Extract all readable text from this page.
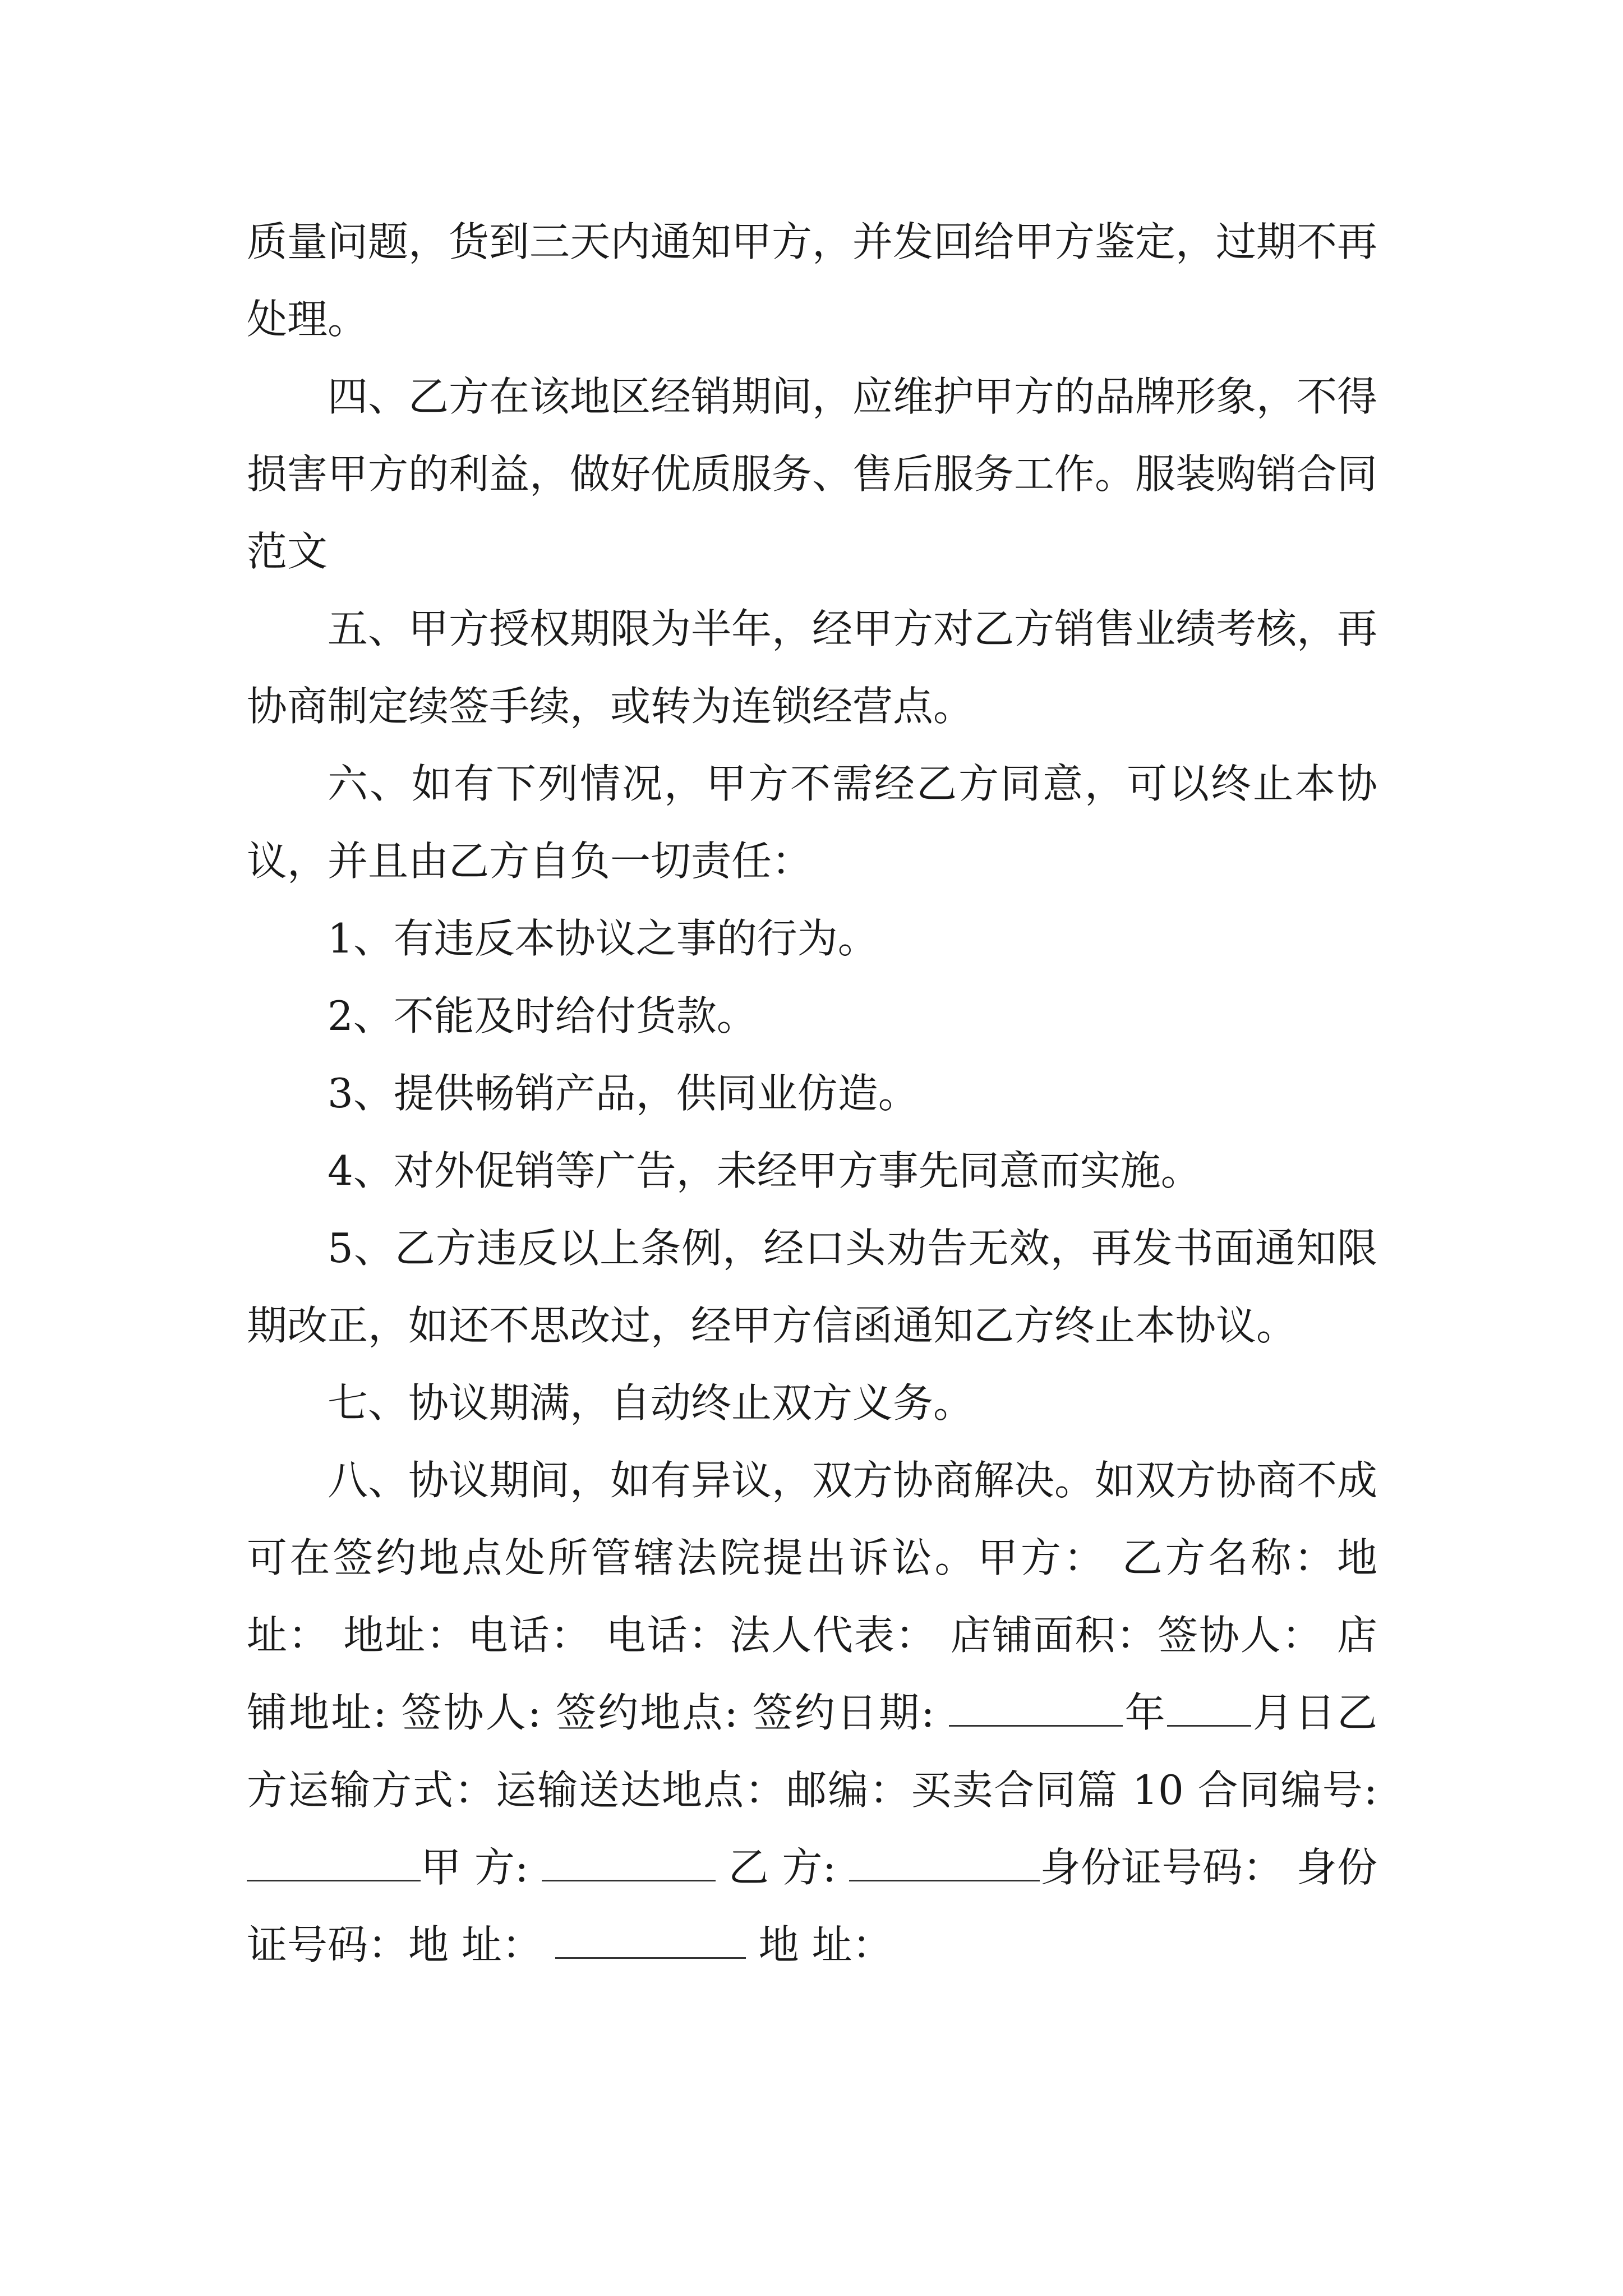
质量问题，货到三天内通知甲方，并发回给甲方鉴定，过期不再处理。

四、乙方在该地区经销期间，应维护甲方的品牌形象，不得损害甲方的利益，做好优质服务、售后服务工作。服装购销合同范文

五、甲方授权期限为半年，经甲方对乙方销售业绩考核，再协商制定续签手续，或转为连锁经营点。

六、如有下列情况，甲方不需经乙方同意，可以终止本协议，并且由乙方自负一切责任：

1、有违反本协议之事的行为。

2、不能及时给付货款。

3、提供畅销产品，供同业仿造。

4、对外促销等广告，未经甲方事先同意而实施。

5、乙方违反以上条例，经口头劝告无效，再发书面通知限期改正，如还不思改过，经甲方信函通知乙方终止本协议。

七、协议期满，自动终止双方义务。

八、协议期间，如有异议，双方协商解决。如双方协商不成可在签约地点处所管辖法院提出诉讼。甲方： 乙方名称：地址： 地址：电话： 电话：法人代表： 店铺面积：签协人： 店铺地址: 签协人: 签约地点: 签约日期:	年 月日乙方运输方式：运输送达地点：邮编：买卖合同篇 10 合同编号: 甲 方:	乙 方:	身份证号码： 身份证号码：地 址：	地 址：
